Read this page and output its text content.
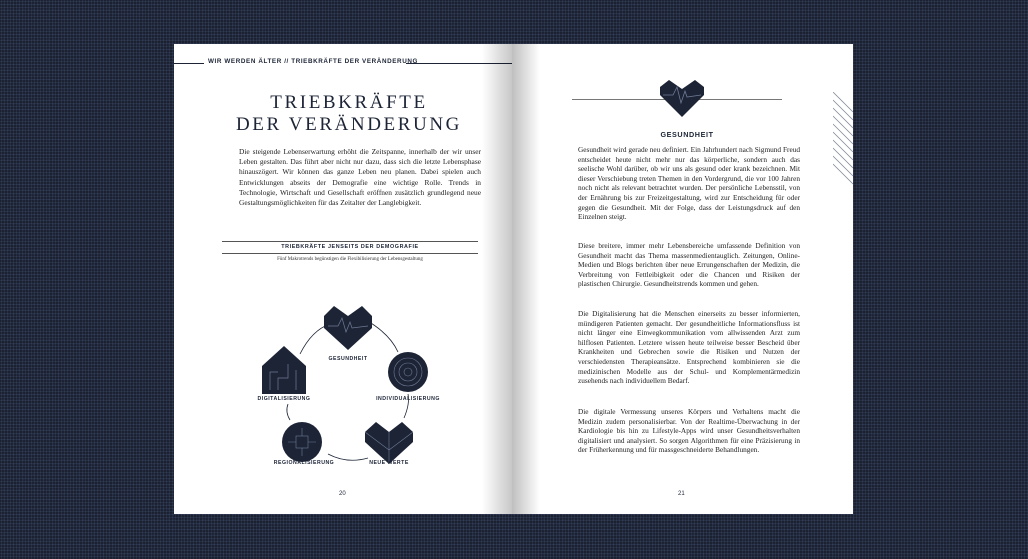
WIR WERDEN ÄLTER // TRIEBKRÄFTE DER VERÄNDERUNG
TRIEBKRÄFTE
DER VERÄNDERUNG
Die steigende Lebenserwartung erhöht die Zeitspanne, innerhalb der wir unser Leben gestalten. Das führt aber nicht nur dazu, dass sich die letzte Lebensphase hinauszögert. Wir können das ganze Leben neu planen. Dabei spielen auch Entwicklungen abseits der Demografie eine wichtige Rolle. Trends in Technologie, Wirtschaft und Gesellschaft eröffnen zusätzlich grundlegend neue Gestaltungsmöglichkeiten für das Zeitalter der Langlebigkeit.
TRIEBKRÄFTE JENSEITS DER DEMOGRAFIE
Fünf Makrotrends begünstigen die Flexibilisierung der Lebensgestaltung
GESUNDHEIT
INDIVIDUALISIERUNG
DIGITALISIERUNG
REGIONALISIERUNG	NEUE WERTE
20
GESUNDHEIT

Gesundheit wird gerade neu definiert. Ein Jahrhundert nach Sigmund Freud entscheidet heute nicht mehr nur das körperliche, sondern auch das seelische Wohl darüber, ob wir uns als gesund oder krank bezeichnen. Mit dieser Verschiebung treten Themen in den Vordergrund, die vor 100 Jahren noch nicht als relevant betrachtet wurden. Der persönliche Lebensstil, von der Ernährung bis zur Freizeitgestaltung, wird zur Entscheidung für oder gegen die Gesundheit. Mit der Folge, dass der Leistungsdruck auf den Einzelnen steigt.

Diese breitere, immer mehr Lebensbereiche umfassende Definition von Gesundheit macht das Thema massenmedientauglich. Zeitungen, Online-Medien und Blogs berichten über neue Errungenschaften der Medizin, die Verbreitung von Fettleibigkeit oder die Chancen und Risiken der plastischen Chirurgie. Gesundheitstrends kommen und gehen.

Die Digitalisierung hat die Menschen einerseits zu besser informierten, mündigeren Patienten gemacht. Der gesundheitliche Informationsfluss ist nicht länger eine Einwegkommunikation vom allwissenden Arzt zum hilflosen Patienten. Letztere wissen heute teilweise besser Bescheid über Krankheiten und Gebrechen sowie die Risiken und Nutzen der verschiedensten Therapieansätze. Entsprechend kombinieren sie die medizinischen Modelle aus der Schul- und Komplementärmedizin zusehends nach individuellem Bedarf.

Die digitale Vermessung unseres Körpers und Verhaltens macht die Medizin zudem personalisierbar. Von der Realtime-Überwachung in der Kardiologie bis hin zu Lifestyle-Apps wird unser Gesundheitsverhalten digitalisiert und analysiert. So sorgen Algorithmen für eine Präzisierung in der Früherkennung und für massgeschneiderte Behandlungen.

21
